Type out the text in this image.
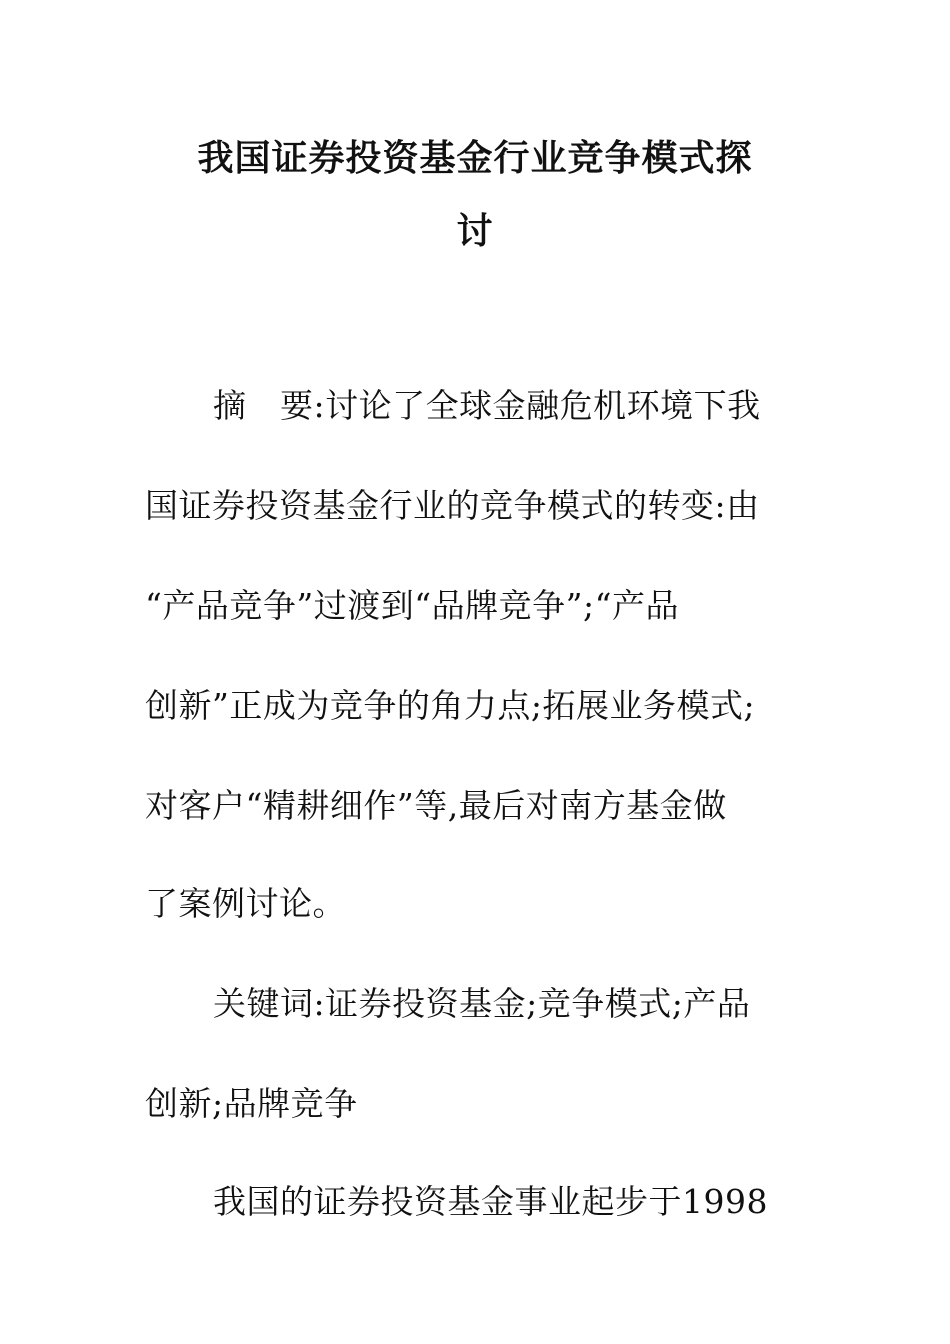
我国证券投资基金行业竞争模式探
讨
摘　要:讨论了全球金融危机环境下我
国证券投资基金行业的竞争模式的转变:由
“产品竞争”过渡到“品牌竞争”;“产品
创新”正成为竞争的角力点;拓展业务模式;
对客户“精耕细作”等,最后对南方基金做
了案例讨论。
关键词:证券投资基金;竞争模式;产品
创新;品牌竞争
我国的证券投资基金事业起步于1998
